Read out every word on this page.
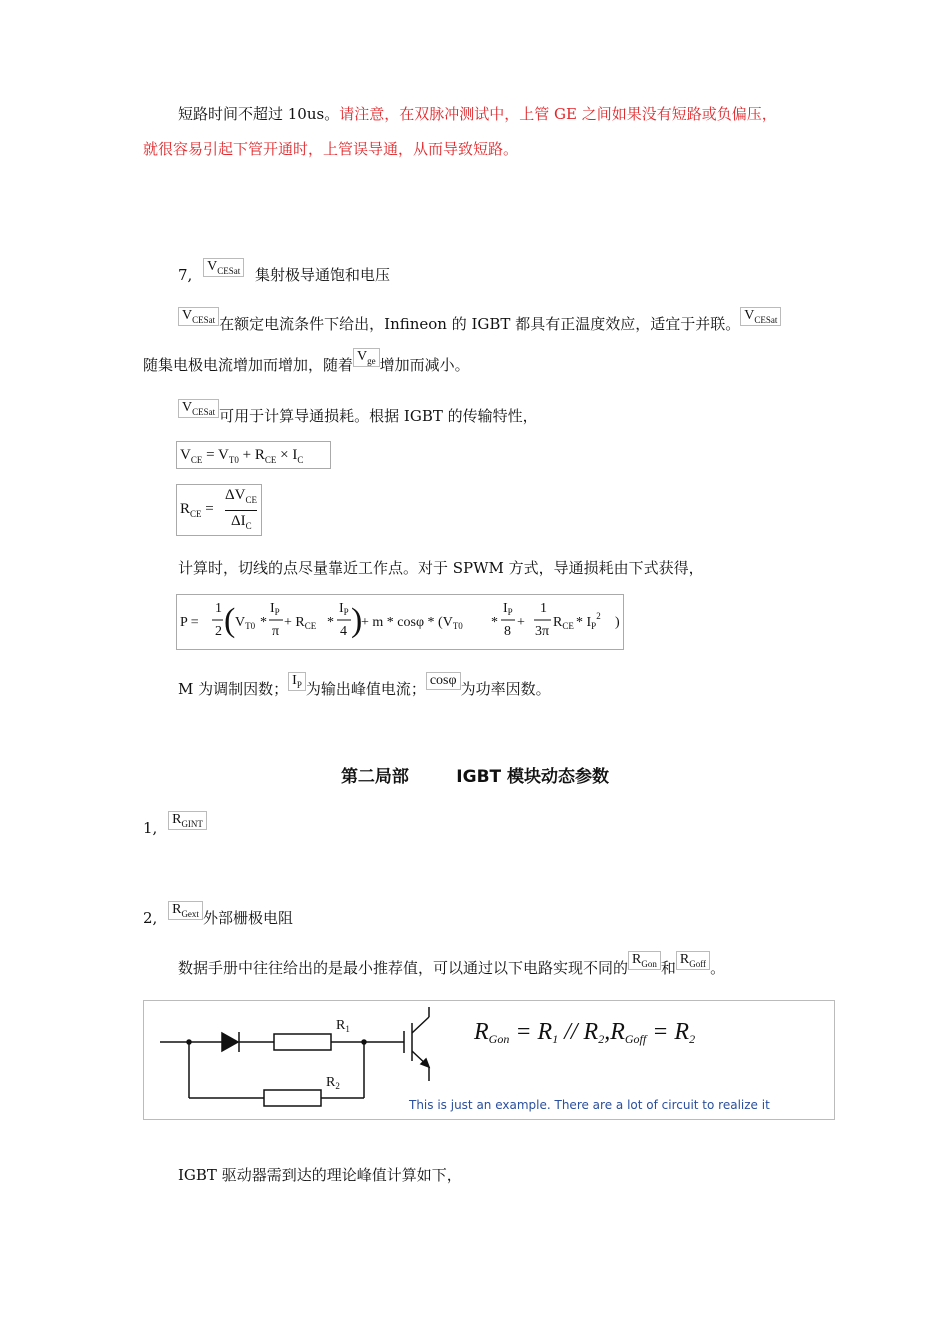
短路时间不超过 10us。请注意，在双脉冲测试中，上管 GE 之间如果没有短路或负偏压，
就很容易引起下管开通时，上管误导通，从而导致短路。
7, $V_{CESat}$ 集射极导通饱和电压
$V_{CESat}$ 在额定电流条件下给出，Infineon 的 IGBT 都具有正温度效应，适宜于并联。 $V_{CESat}$
随集电极电流增加而增加，随着 $V_{ge}$ 增加而减小。
$V_{CESat}$ 可用于计算导通损耗。根据 IGBT 的传输特性，
$V_{CE} = V_{T0} + R_{CE} \times I_C$
$R_{CE}$ =
$\Delta V_{CE}$
$\Delta I_C$
计算时，切线的点尽量靠近工作点。对于 SPWM 方式，导通损耗由下式获得，
P =
1
2 ( $V_{T0}$ *
$I_P$
π
+ $R_{CE}$ *
$I_P$
4 )
+ m * cosφ * ($V_{T0}$ *
$I_P$
8
+
1
3π
$R_{CE} * I_P^2$ )
M 为调制因数； $I_P$ 为输出峰值电流； cosφ 为功率因数。
第二局部        IGBT 模块动态参数
1, $R_{GINT}$
2, $R_{Gext}$ 外部栅极电阻
数据手册中往往给出的是最小推荐值，可以通过以下电路实现不同的 $R_{Gon}$ 和 $R_{Goff}$ 。
$R_1$
$R_2$
RGon = R1 // R2,RGoff = R2
This is just an example. There are a lot of circuit to realize it
IGBT 驱动器需到达的理论峰值计算如下，
